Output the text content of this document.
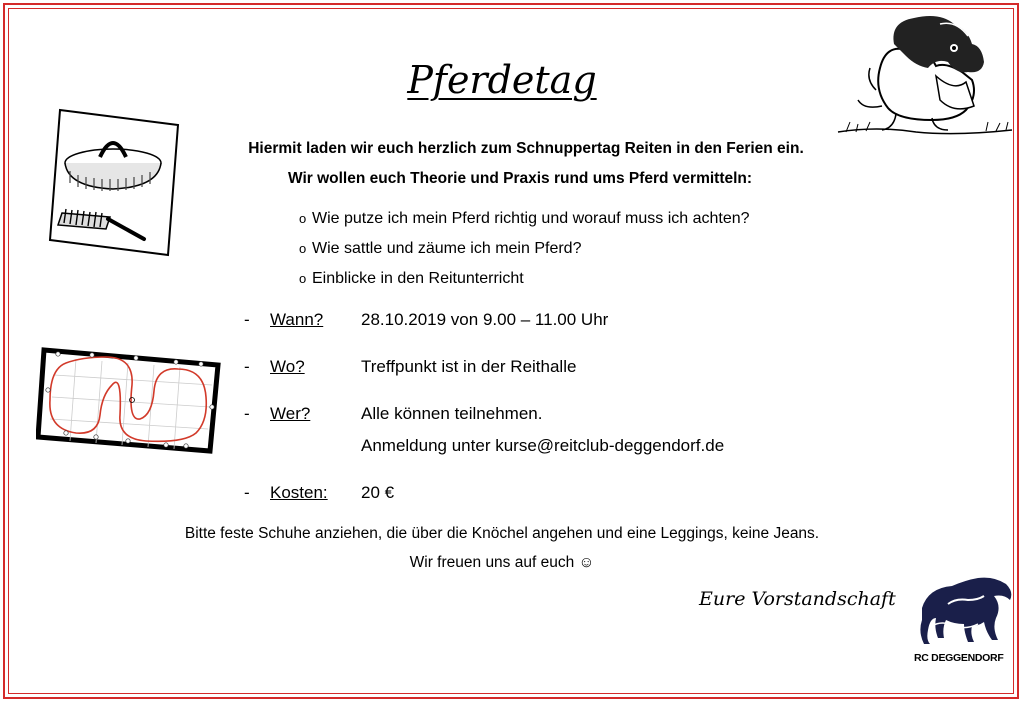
Pferdetag
Hiermit laden wir euch herzlich zum Schnuppertag Reiten in den Ferien ein.
Wir wollen euch Theorie und Praxis rund ums Pferd vermitteln:
o Wie putze ich mein Pferd richtig und worauf muss ich achten?
o Wie sattle und zäume ich mein Pferd?
o Einblicke in den Reitunterricht
- Wann? 28.10.2019 von 9.00 – 11.00 Uhr
- Wo?	Treffpunkt ist in der Reithalle
- Wer?	Alle können teilnehmen.
Anmeldung unter kurse@reitclub-deggendorf.de
- Kosten: 20 €
Bitte feste Schuhe anziehen, die über die Knöchel angehen und eine Leggings, keine Jeans.
Wir freuen uns auf euch ☺
Eure Vorstandschaft
RC DEGGENDORF
